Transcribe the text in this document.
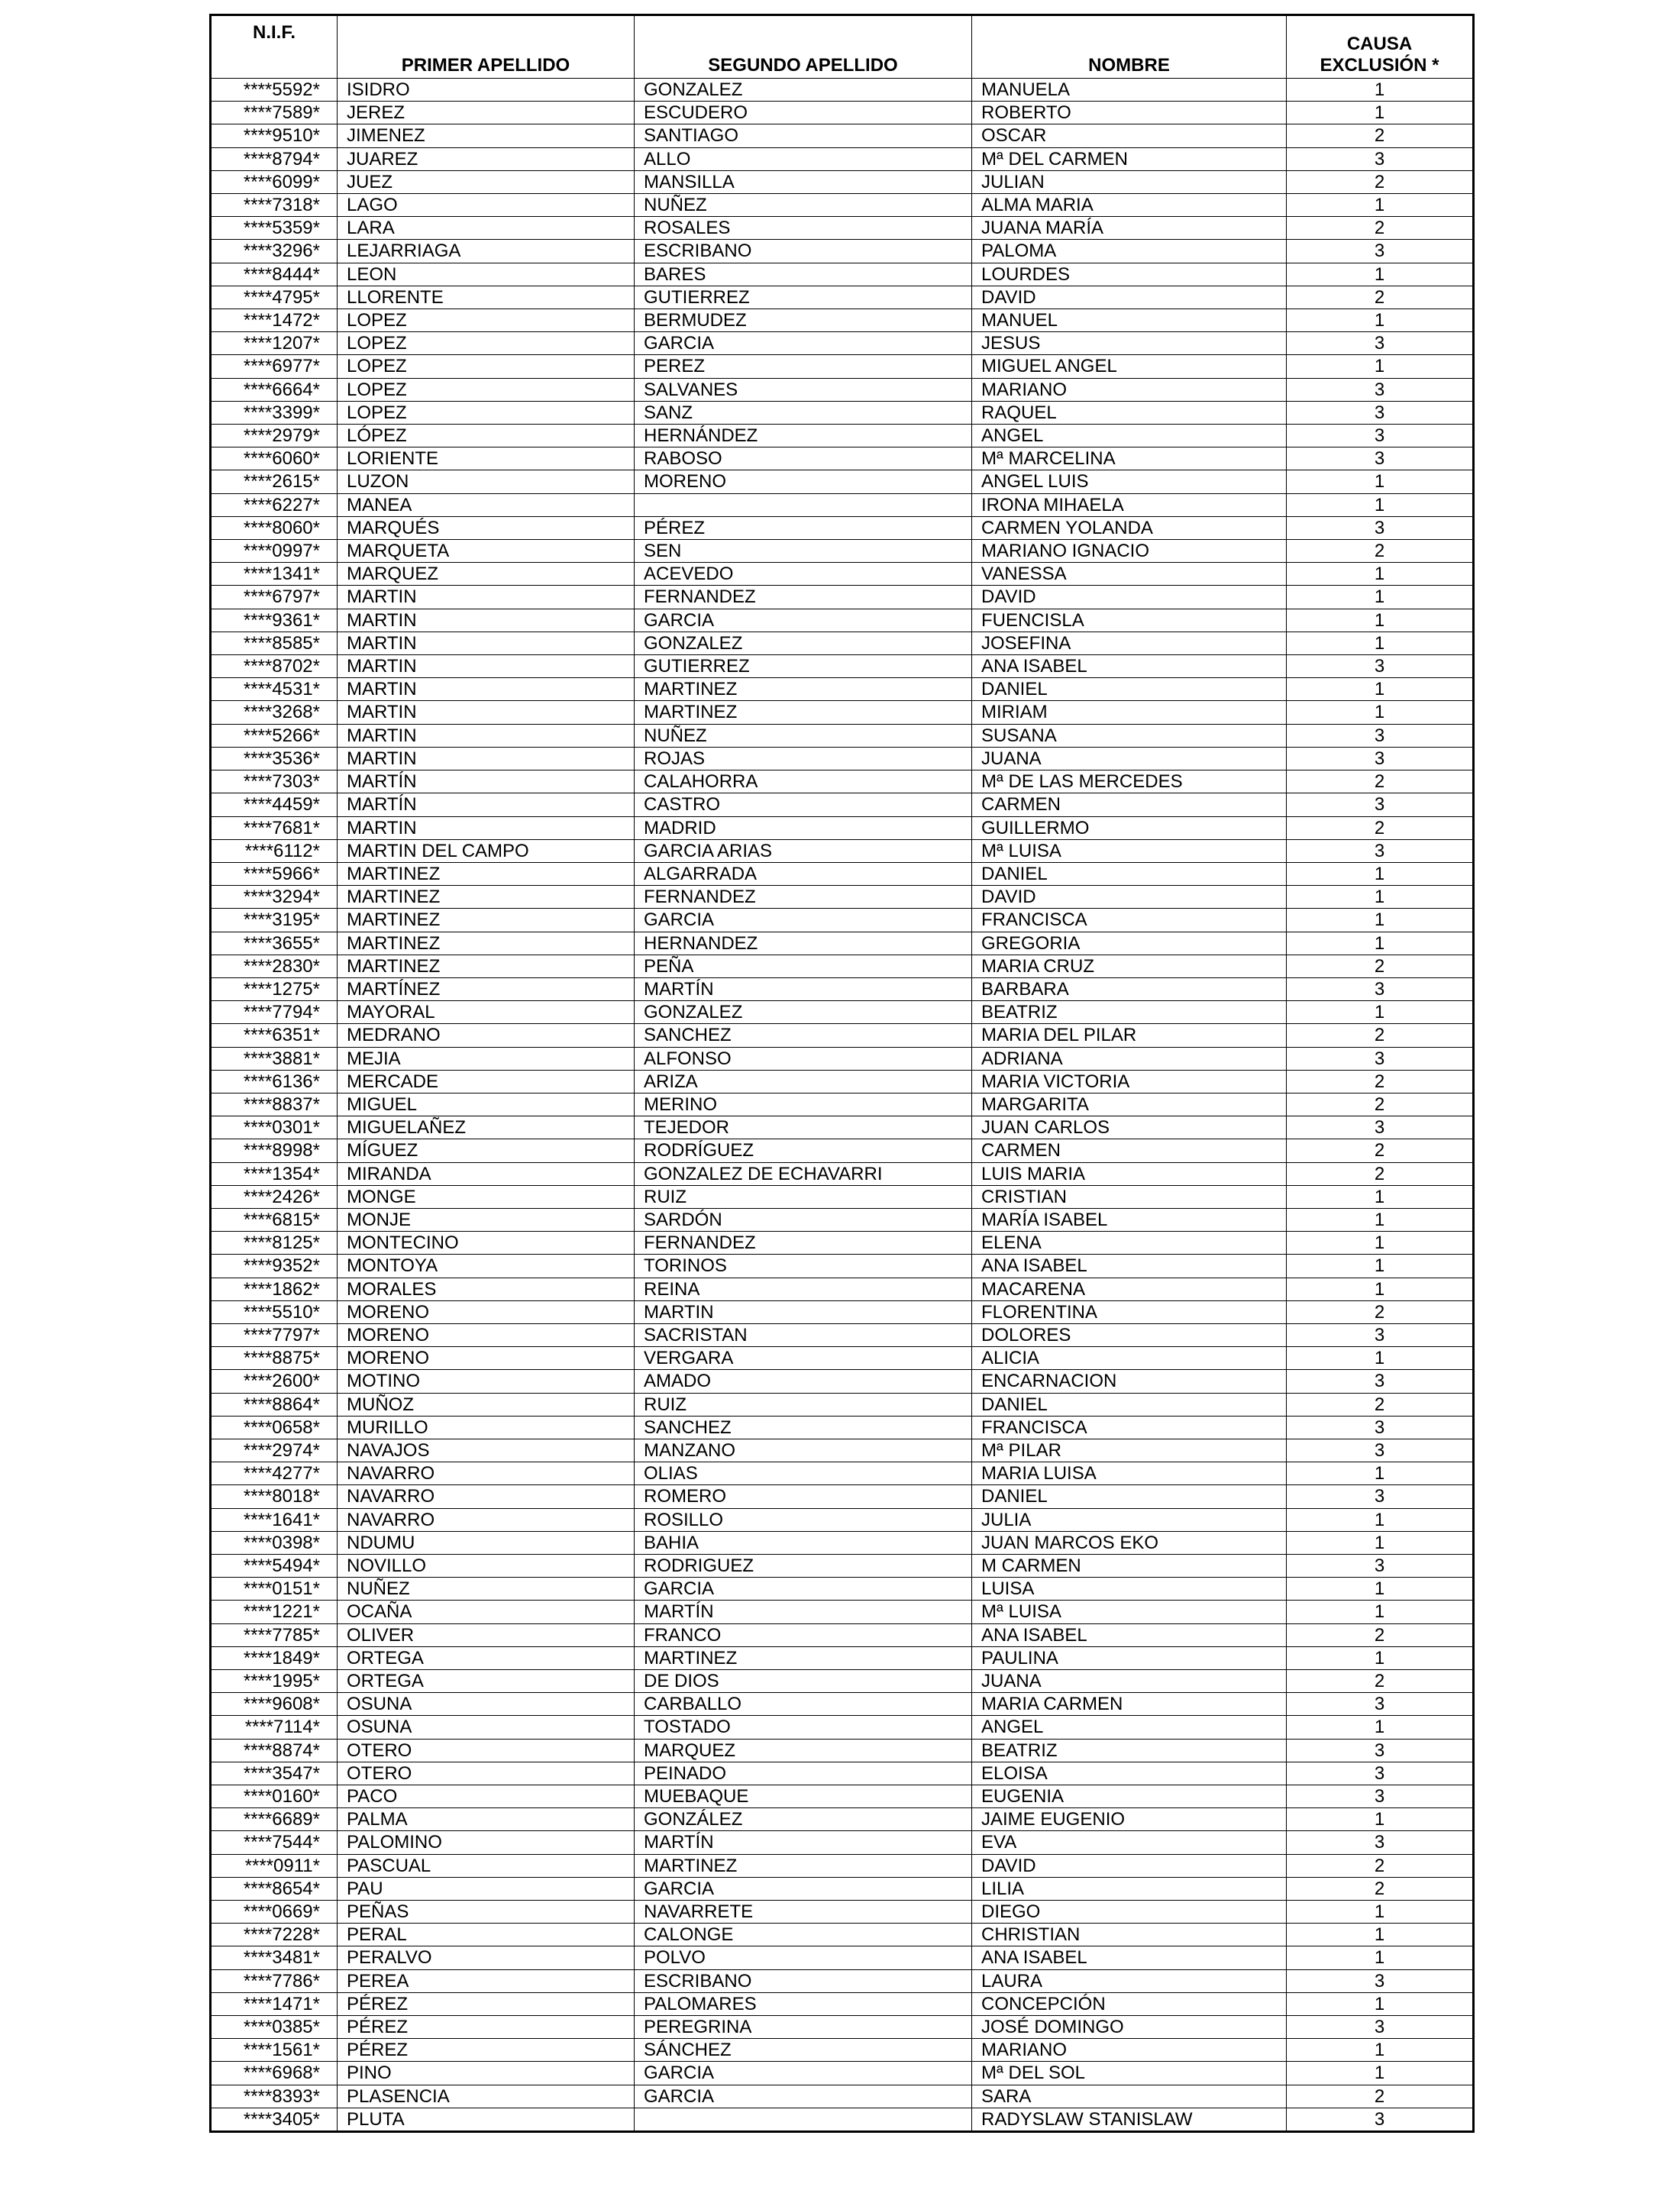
N.I.F.	PRIMER APELLIDO	SEGUNDO APELLIDO	NOMBRE	CAUSA
EXCLUSIÓN *

****5592*	ISIDRO	GONZALEZ	MANUELA	1
****7589*	JEREZ	ESCUDERO	ROBERTO	1
****9510*	JIMENEZ	SANTIAGO	OSCAR	2
****8794*	JUAREZ	ALLO	Mª DEL CARMEN	3
****6099*	JUEZ	MANSILLA	JULIAN	2
****7318*	LAGO	NUÑEZ	ALMA MARIA	1
****5359*	LARA	ROSALES	JUANA MARÍA	2
****3296*	LEJARRIAGA	ESCRIBANO	PALOMA	3
****8444*	LEON	BARES	LOURDES	1
****4795*	LLORENTE	GUTIERREZ	DAVID	2
****1472*	LOPEZ	BERMUDEZ	MANUEL	1
****1207*	LOPEZ	GARCIA	JESUS	3
****6977*	LOPEZ	PEREZ	MIGUEL ANGEL	1
****6664*	LOPEZ	SALVANES	MARIANO	3
****3399*	LOPEZ	SANZ	RAQUEL	3
****2979*	LÓPEZ	HERNÁNDEZ	ANGEL	3
****6060*	LORIENTE	RABOSO	Mª MARCELINA	3
****2615*	LUZON	MORENO	ANGEL LUIS	1
****6227*	MANEA		IRONA MIHAELA	1
****8060*	MARQUÉS	PÉREZ	CARMEN YOLANDA	3
****0997*	MARQUETA	SEN	MARIANO IGNACIO	2
****1341*	MARQUEZ	ACEVEDO	VANESSA	1
****6797*	MARTIN	FERNANDEZ	DAVID	1
****9361*	MARTIN	GARCIA	FUENCISLA	1
****8585*	MARTIN	GONZALEZ	JOSEFINA	1
****8702*	MARTIN	GUTIERREZ	ANA ISABEL	3
****4531*	MARTIN	MARTINEZ	DANIEL	1
****3268*	MARTIN	MARTINEZ	MIRIAM	1
****5266*	MARTIN	NUÑEZ	SUSANA	3
****3536*	MARTIN	ROJAS	JUANA	3
****7303*	MARTÍN	CALAHORRA	Mª DE LAS MERCEDES	2
****4459*	MARTÍN	CASTRO	CARMEN	3
****7681*	MARTIN	MADRID	GUILLERMO	2
****6112*	MARTIN DEL CAMPO	GARCIA ARIAS	Mª LUISA	3
****5966*	MARTINEZ	ALGARRADA	DANIEL	1
****3294*	MARTINEZ	FERNANDEZ	DAVID	1
****3195*	MARTINEZ	GARCIA	FRANCISCA	1
****3655*	MARTINEZ	HERNANDEZ	GREGORIA	1
****2830*	MARTINEZ	PEÑA	MARIA CRUZ	2
****1275*	MARTÍNEZ	MARTÍN	BARBARA	3
****7794*	MAYORAL	GONZALEZ	BEATRIZ	1
****6351*	MEDRANO	SANCHEZ	MARIA DEL PILAR	2
****3881*	MEJIA	ALFONSO	ADRIANA	3
****6136*	MERCADE	ARIZA	MARIA VICTORIA	2
****8837*	MIGUEL	MERINO	MARGARITA	2
****0301*	MIGUELAÑEZ	TEJEDOR	JUAN CARLOS	3
****8998*	MÍGUEZ	RODRÍGUEZ	CARMEN	2
****1354*	MIRANDA	GONZALEZ DE ECHAVARRI	LUIS MARIA	2
****2426*	MONGE	RUIZ	CRISTIAN	1
****6815*	MONJE	SARDÓN	MARÍA ISABEL	1
****8125*	MONTECINO	FERNANDEZ	ELENA	1
****9352*	MONTOYA	TORINOS	ANA ISABEL	1
****1862*	MORALES	REINA	MACARENA	1
****5510*	MORENO	MARTIN	FLORENTINA	2
****7797*	MORENO	SACRISTAN	DOLORES	3
****8875*	MORENO	VERGARA	ALICIA	1
****2600*	MOTINO	AMADO	ENCARNACION	3
****8864*	MUÑOZ	RUIZ	DANIEL	2
****0658*	MURILLO	SANCHEZ	FRANCISCA	3
****2974*	NAVAJOS	MANZANO	Mª PILAR	3
****4277*	NAVARRO	OLIAS	MARIA LUISA	1
****8018*	NAVARRO	ROMERO	DANIEL	3
****1641*	NAVARRO	ROSILLO	JULIA	1
****0398*	NDUMU	BAHIA	JUAN MARCOS EKO	1
****5494*	NOVILLO	RODRIGUEZ	M CARMEN	3
****0151*	NUÑEZ	GARCIA	LUISA	1
****1221*	OCAÑA	MARTÍN	Mª LUISA	1
****7785*	OLIVER	FRANCO	ANA ISABEL	2
****1849*	ORTEGA	MARTINEZ	PAULINA	1
****1995*	ORTEGA	DE DIOS	JUANA	2
****9608*	OSUNA	CARBALLO	MARIA CARMEN	3
****7114*	OSUNA	TOSTADO	ANGEL	1
****8874*	OTERO	MARQUEZ	BEATRIZ	3
****3547*	OTERO	PEINADO	ELOISA	3
****0160*	PACO	MUEBAQUE	EUGENIA	3
****6689*	PALMA	GONZÁLEZ	JAIME EUGENIO	1
****7544*	PALOMINO	MARTÍN	EVA	3
****0911*	PASCUAL	MARTINEZ	DAVID	2
****8654*	PAU	GARCIA	LILIA	2
****0669*	PEÑAS	NAVARRETE	DIEGO	1
****7228*	PERAL	CALONGE	CHRISTIAN	1
****3481*	PERALVO	POLVO	ANA ISABEL	1
****7786*	PEREA	ESCRIBANO	LAURA	3
****1471*	PÉREZ	PALOMARES	CONCEPCIÓN	1
****0385*	PÉREZ	PEREGRINA	JOSÉ DOMINGO	3
****1561*	PÉREZ	SÁNCHEZ	MARIANO	1
****6968*	PINO	GARCIA	Mª DEL SOL	1
****8393*	PLASENCIA	GARCIA	SARA	2
****3405*	PLUTA		RADYSLAW STANISLAW	3
